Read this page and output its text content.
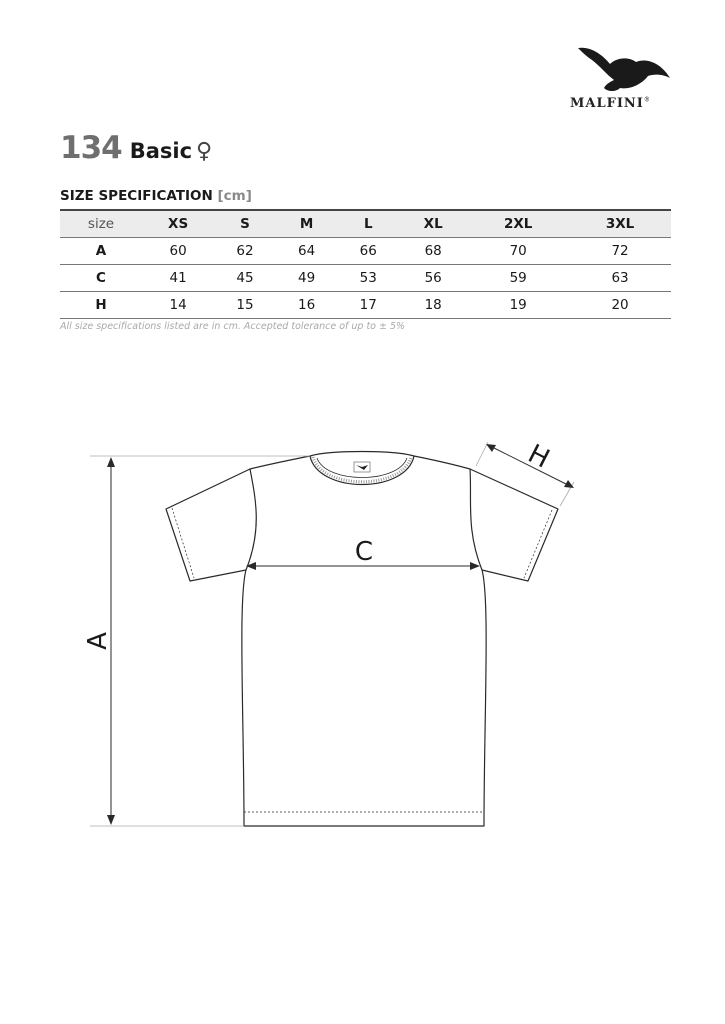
MALFINI®
134 Basic ♀
SIZE SPECIFICATION [cm]
size	XS	S	M	L	XL	2XL	3XL
A	60	62	64	66	68	70	72
C	41	45	49	53	56	59	63
H	14	15	16	17	18	19	20
All size specifications listed are in cm. Accepted tolerance of up to ± 5%
A
C
H
